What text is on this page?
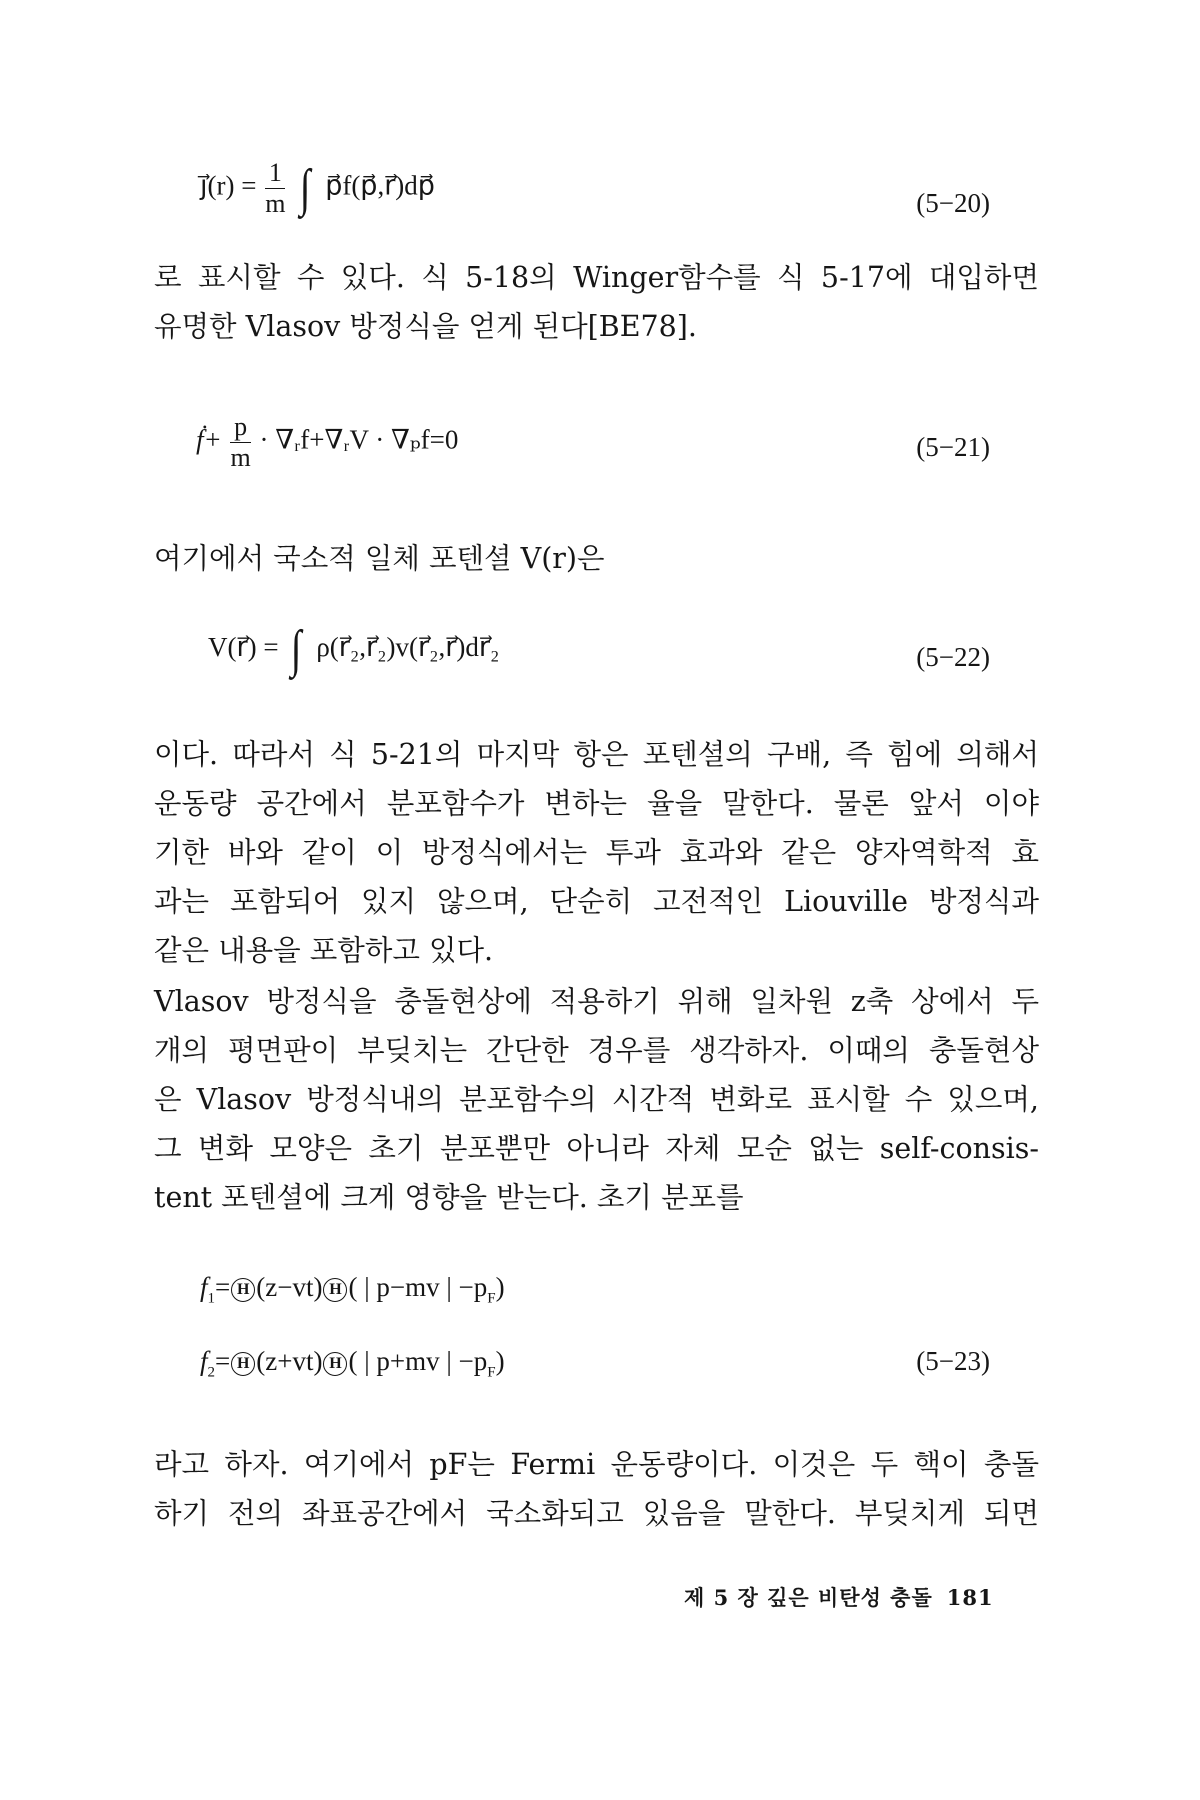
j⃗(r) = $\frac{1}{m}$ ∫ p⃗f(p⃗,r⃗)dp⃗
(5−20)
로 표시할 수 있다. 식 5-18의 Winger함수를 식 5-17에 대입하면
유명한 Vlasov 방정식을 얻게 된다[BE78].
ḟ+ $\frac{p}{m}$ · ∇ᵣf+∇ᵣV · ∇ₚf=0	(5−21)
여기에서 국소적 일체 포텐셜 V(r)은
V(r⃗) = ∫ ρ(r⃗₂,r⃗₂)v(r⃗₂,r⃗)dr⃗₂	(5−22)
이다. 따라서 식 5-21의 마지막 항은 포텐셜의 구배, 즉 힘에 의해서
운동량 공간에서 분포함수가 변하는 율을 말한다. 물론 앞서 이야
기한 바와 같이 이 방정식에서는 투과 효과와 같은 양자역학적 효
과는 포함되어 있지 않으며, 단순히 고전적인 Liouville 방정식과
같은 내용을 포함하고 있다.
Vlasov 방정식을 충돌현상에 적용하기 위해 일차원 z축 상에서 두
개의 평면판이 부딪치는 간단한 경우를 생각하자. 이때의 충돌현상
은 Vlasov 방정식내의 분포함수의 시간적 변화로 표시할 수 있으며,
그 변화 모양은 초기 분포뿐만 아니라 자체 모순 없는 self-consis-
tent 포텐셜에 크게 영향을 받는다. 초기 분포를
$f_1= H$ (z−vt) H ( | p−mv | $-p_F$)
$f_2= H$ (z+vt) H ( | p+mv | $-p_F$)	(5−23)
라고 하자. 여기에서 pF는 Fermi 운동량이다. 이것은 두 핵이 충돌
하기 전의 좌표공간에서 국소화되고 있음을 말한다. 부딪치게 되면
제 5 장 깊은 비탄성 충돌 181
